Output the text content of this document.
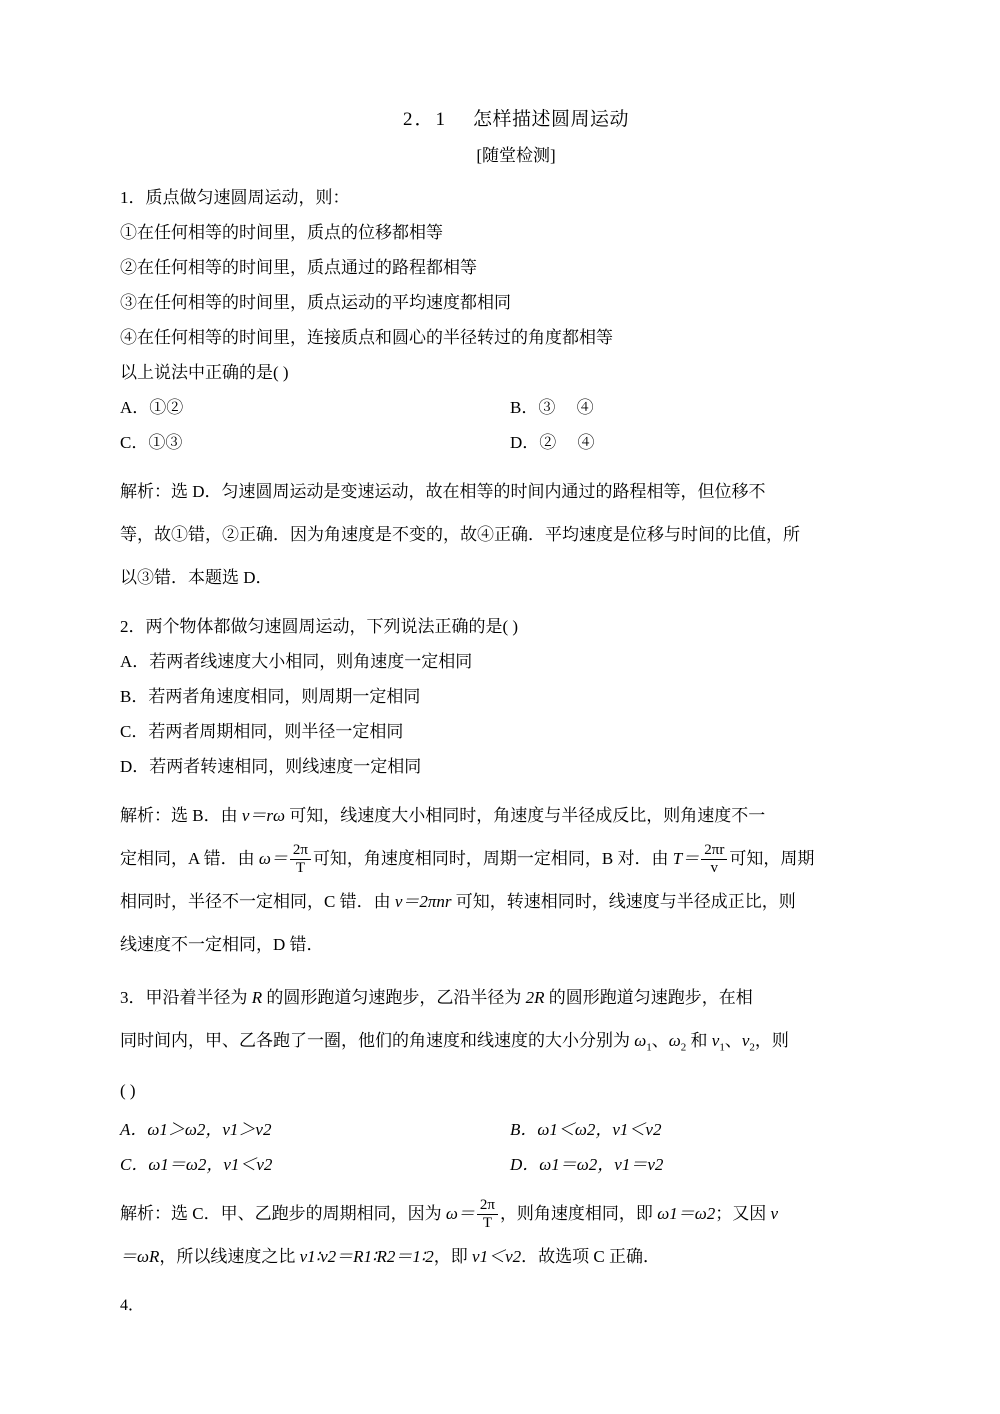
2．1 怎样描述圆周运动
[随堂检测]

1．质点做匀速圆周运动，则：

①在任何相等的时间里，质点的位移都相等

②在任何相等的时间里，质点通过的路程都相等

③在任何相等的时间里，质点运动的平均速度都相同

④在任何相等的时间里，连接质点和圆心的半径转过的角度都相等

以上说法中正确的是( )

A．①②	B．③　 ④
C．①③	D．②　 ④

解析：选 D．匀速圆周运动是变速运动，故在相等的时间内通过的路程相等，但位移不

等，故①错，②正确．因为角速度是不变的，故④正确．平均速度是位移与时间的比值，所

以③错．本题选 D．

2．两个物体都做匀速圆周运动，下列说法正确的是( )

A．若两者线速度大小相同，则角速度一定相同

B．若两者角速度相同，则周期一定相同

C．若两者周期相同，则半径一定相同

D．若两者转速相同，则线速度一定相同

解析：选 B．由 v＝rω 可知，线速度大小相同时，角速度与半径成反比，则角速度不一

定相同，A 错．由 $\omega= \frac{2\pi}{T}$ 可知，角速度相同时，周期一定相同，B 对．由 $T= \frac{2\pi r}{v}$ 可知，周期

相同时，半径不一定相同，C 错．由 v＝2πnr 可知，转速相同时，线速度与半径成正比，则

线速度不一定相同，D 错．

3．甲沿着半径为 R 的圆形跑道匀速跑步，乙沿半径为 2R 的圆形跑道匀速跑步，在相

同时间内，甲、乙各跑了一圈，他们的角速度和线速度的大小分别为 $\omega_1$、$\omega_2$ 和 $v_1$、$v_2$，则

( )

A．ω1＞ω2，v1＞v2	B．ω1＜ω2，v1＜v2
C．ω1＝ω2，v1＜v2	D．ω1＝ω2，v1＝v2

解析：选 C．甲、乙跑步的周期相同，因为 $\omega= \frac{2\pi}{T}$ ，则角速度相同，即 ω1＝ω2；又因 v

＝ωR，所以线速度之比 v1∶v2＝R1∶R2＝1∶2，即 v1＜v2．故选项 C 正确．

4．
